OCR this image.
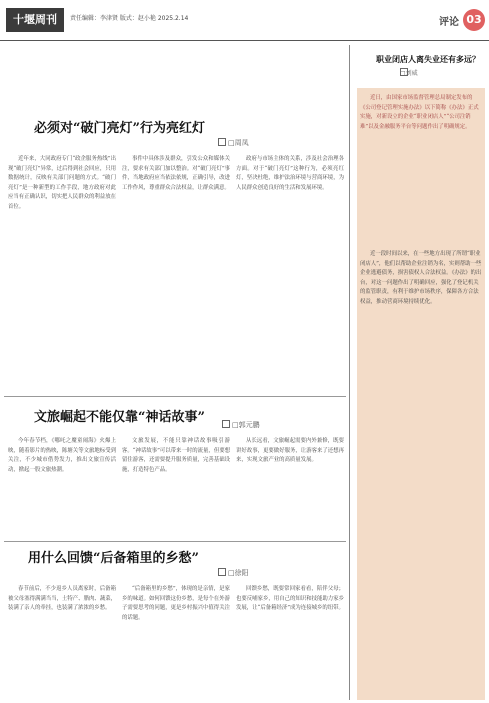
十堰周刊	责任编辑：李津贤 版式：赵小艳 2025.2.14	评论 03
必须对“破门亮灯”行为亮红灯
□周凤

近年来，大同政府专门“政企服务热线”出现“破门亮灯”异常，过后得到社会回应，只用数据统计，反映有关部门问题的方式。“破门亮灯”是一种新型的工作手段，地方政府对此应当有正确认识，切实把人民群众的利益放在首位。

事件中具体涉及群众，引发公众和媒体关注，要求有关部门加以整治。对“破门亮灯”事件，当地政府应当依法依规，正确引导，改进工作作风，尊重群众合法权益，让群众满意。

政府与市场主体的关系，涉及社会治理各方面。对于“破门亮灯”这种行为，必须亮红灯，坚决杜绝，维护法治环境与营商环境，为人民群众创造良好的生活和发展环境。

文旅崛起不能仅靠“神话故事”	□郭元鹏

今年春节档，《哪吒之魔童闹海》火爆上映，随着影片的热映，陈塘关等文旅地标受到关注，不少城市借势发力，推出文旅宣传活动，掀起一股文旅热潮。

文旅发展，不能只靠神话故事吸引游客。“神话故事”可以带来一时的流量，但要想留住游客，还需要提升服务质量，完善基础设施，打造特色产品。

从长远看，文旅崛起需要内外兼修，既要讲好故事，更要做好服务，让游客来了还想再来，实现文旅产业的高质量发展。

用什么回馈“后备箱里的乡愁”
□徐阳

春节前后，不少返乡人员离家时，后备箱被父母塞得满满当当，土特产、腊肉、蔬菜，装满了亲人的牵挂，也装满了浓浓的乡愁。

“后备箱里的乡愁”，体现的是亲情，是家乡的味道。如何回馈这份乡愁，是每个在外游子需要思考的问题，更是乡村振兴中值得关注的话题。

回馈乡愁，既要常回家看看，陪伴父母；也要反哺家乡，用自己的知识和技能助力家乡发展，让“后备箱经济”成为连接城乡的纽带。

职业闭店人离失业还有多远？
□刘威
近日，由国家市场监督管理总局制定发布的《公司登记管理实施办法》以下简称《办法》正式实施，对新设立的企业“职业闭店人”“公司注销难”以及金融服务平台等问题作出了明确规定。

近一段时间以来，在一些地方出现了所谓“职业闭店人”，他们以帮助企业注销为名，实则帮助一些企业逃避债务，损害债权人合法权益。《办法》的出台，对这一问题作出了明确回应，强化了登记机关的监管职责，有利于维护市场秩序，保障各方合法权益，推动营商环境持续优化。
